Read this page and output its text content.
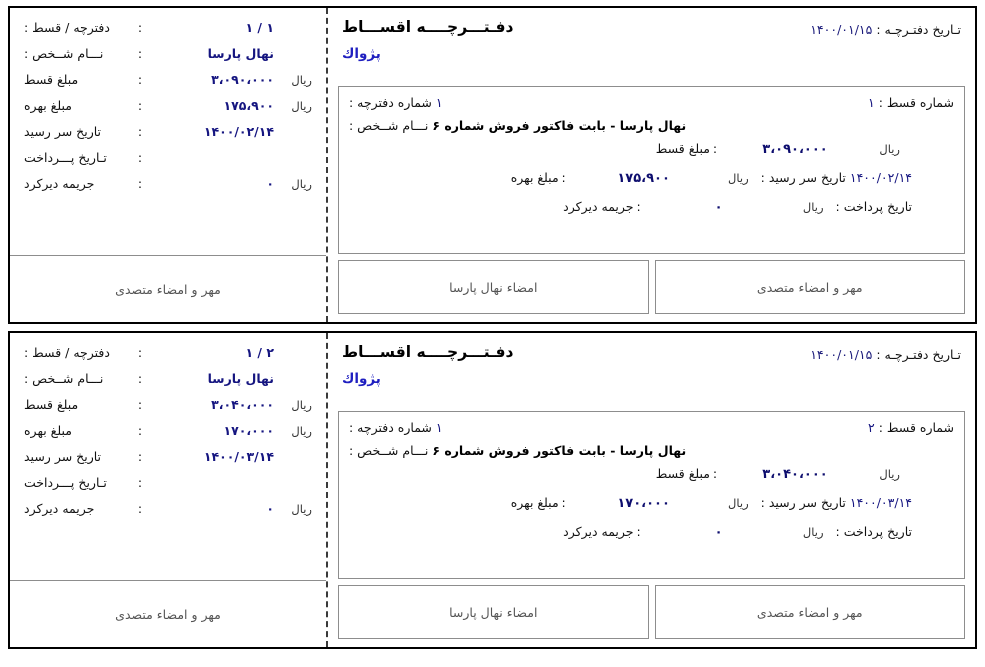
تـاریخ دفتـرچـه : ۱۴۰۰/۰۱/۱۵
دفـتـــرچــــه اقســـاط
پژواك
شماره قسط : ۱
۱ شماره دفترچه :
نهال پارسا - بابت فاكتور فروش شماره ۶ نـــام شــخص :
ریال
۳،۰۹۰،۰۰۰
:
مبلغ قسط
۱۴۰۰/۰۲/۱۴ تاریخ سر رسید :
ریال
۱۷۵،۹۰۰
:
مبلغ بهره
تاریخ پرداخت :
ریال
۰
:
جریمه دیرکرد
مهر و امضاء متصدی
امضاء نهال پارسا
۱ / ۱
:
دفترچه / قسط :
نهال پارسا
:
نـــام شــخص :
ریال
۳،۰۹۰،۰۰۰
:
مبلغ قسط
ریال
۱۷۵،۹۰۰
:
مبلغ بهره
۱۴۰۰/۰۲/۱۴
:
تاریخ سر رسید
:
تـاریخ پـــرداخت
ریال
۰
:
جریمه دیرکرد
مهر و امضاء متصدی
تـاریخ دفتـرچـه : ۱۴۰۰/۰۱/۱۵
دفـتـــرچــــه اقســـاط
پژواك
شماره قسط : ۲
۱ شماره دفترچه :
نهال پارسا - بابت فاكتور فروش شماره ۶ نـــام شــخص :
ریال
۳،۰۴۰،۰۰۰
:
مبلغ قسط
۱۴۰۰/۰۳/۱۴ تاریخ سر رسید :
ریال
۱۷۰،۰۰۰
:
مبلغ بهره
تاریخ پرداخت :
ریال
۰
:
جریمه دیرکرد
مهر و امضاء متصدی
امضاء نهال پارسا
۲ / ۱
:
دفترچه / قسط :
نهال پارسا
:
نـــام شــخص :
ریال
۳،۰۴۰،۰۰۰
:
مبلغ قسط
ریال
۱۷۰،۰۰۰
:
مبلغ بهره
۱۴۰۰/۰۳/۱۴
:
تاریخ سر رسید
:
تـاریخ پـــرداخت
ریال
۰
:
جریمه دیرکرد
مهر و امضاء متصدی
